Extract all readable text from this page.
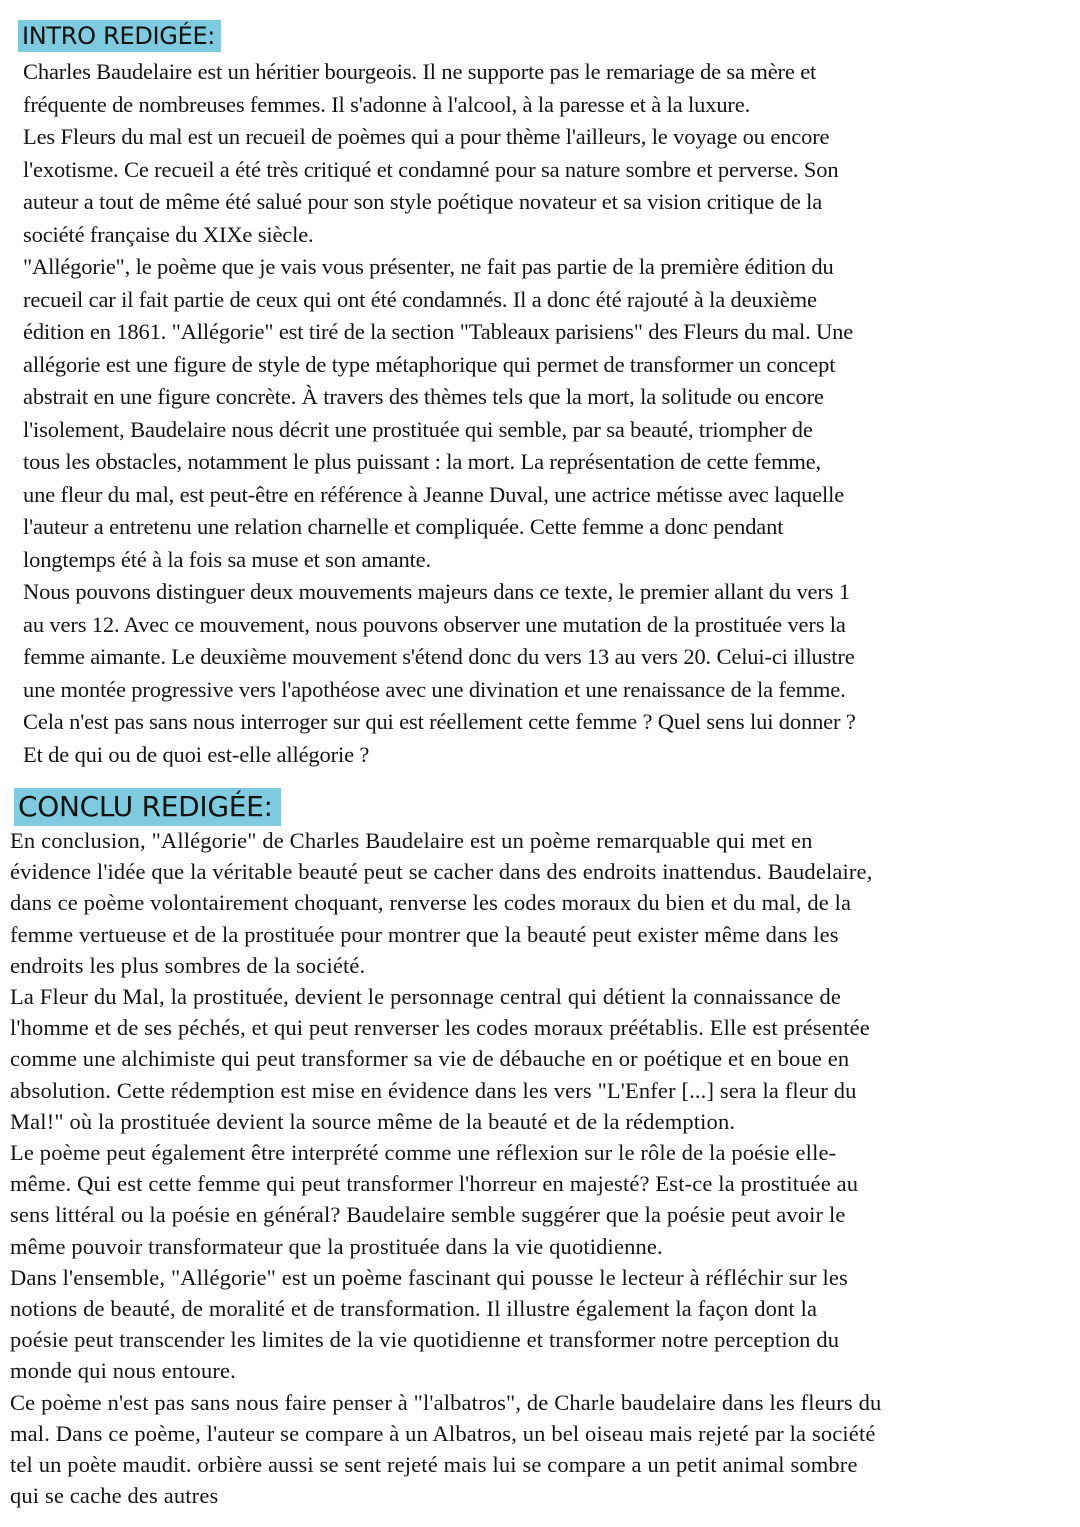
INTRO REDIGÉE:
Charles Baudelaire est un héritier bourgeois. Il ne supporte pas le remariage de sa mère et
fréquente de nombreuses femmes. Il s'adonne à l'alcool, à la paresse et à la luxure.
Les Fleurs du mal est un recueil de poèmes qui a pour thème l'ailleurs, le voyage ou encore
l'exotisme. Ce recueil a été très critiqué et condamné pour sa nature sombre et perverse. Son
auteur a tout de même été salué pour son style poétique novateur et sa vision critique de la
société française du XIXe siècle.
"Allégorie", le poème que je vais vous présenter, ne fait pas partie de la première édition du
recueil car il fait partie de ceux qui ont été condamnés. Il a donc été rajouté à la deuxième
édition en 1861. "Allégorie" est tiré de la section "Tableaux parisiens" des Fleurs du mal. Une
allégorie est une figure de style de type métaphorique qui permet de transformer un concept
abstrait en une figure concrète. À travers des thèmes tels que la mort, la solitude ou encore
l'isolement, Baudelaire nous décrit une prostituée qui semble, par sa beauté, triompher de
tous les obstacles, notamment le plus puissant : la mort. La représentation de cette femme,
une fleur du mal, est peut-être en référence à Jeanne Duval, une actrice métisse avec laquelle
l'auteur a entretenu une relation charnelle et compliquée. Cette femme a donc pendant
longtemps été à la fois sa muse et son amante.
Nous pouvons distinguer deux mouvements majeurs dans ce texte, le premier allant du vers 1
au vers 12. Avec ce mouvement, nous pouvons observer une mutation de la prostituée vers la
femme aimante. Le deuxième mouvement s'étend donc du vers 13 au vers 20. Celui-ci illustre
une montée progressive vers l'apothéose avec une divination et une renaissance de la femme.
Cela n'est pas sans nous interroger sur qui est réellement cette femme ? Quel sens lui donner ?
Et de qui ou de quoi est-elle allégorie ?
CONCLU REDIGÉE:
En conclusion, "Allégorie" de Charles Baudelaire est un poème remarquable qui met en
évidence l'idée que la véritable beauté peut se cacher dans des endroits inattendus. Baudelaire,
dans ce poème volontairement choquant, renverse les codes moraux du bien et du mal, de la
femme vertueuse et de la prostituée pour montrer que la beauté peut exister même dans les
endroits les plus sombres de la société.
La Fleur du Mal, la prostituée, devient le personnage central qui détient la connaissance de
l'homme et de ses péchés, et qui peut renverser les codes moraux préétablis. Elle est présentée
comme une alchimiste qui peut transformer sa vie de débauche en or poétique et en boue en
absolution. Cette rédemption est mise en évidence dans les vers "L'Enfer [...] sera la fleur du
Mal!" où la prostituée devient la source même de la beauté et de la rédemption.
Le poème peut également être interprété comme une réflexion sur le rôle de la poésie elle-
même. Qui est cette femme qui peut transformer l'horreur en majesté? Est-ce la prostituée au
sens littéral ou la poésie en général? Baudelaire semble suggérer que la poésie peut avoir le
même pouvoir transformateur que la prostituée dans la vie quotidienne.
Dans l'ensemble, "Allégorie" est un poème fascinant qui pousse le lecteur à réfléchir sur les
notions de beauté, de moralité et de transformation. Il illustre également la façon dont la
poésie peut transcender les limites de la vie quotidienne et transformer notre perception du
monde qui nous entoure.
Ce poème n'est pas sans nous faire penser à "l'albatros", de Charle baudelaire dans les fleurs du
mal. Dans ce poème, l'auteur se compare à un Albatros, un bel oiseau mais rejeté par la société
tel un poète maudit. orbière aussi se sent rejeté mais lui se compare a un petit animal sombre
qui se cache des autres
